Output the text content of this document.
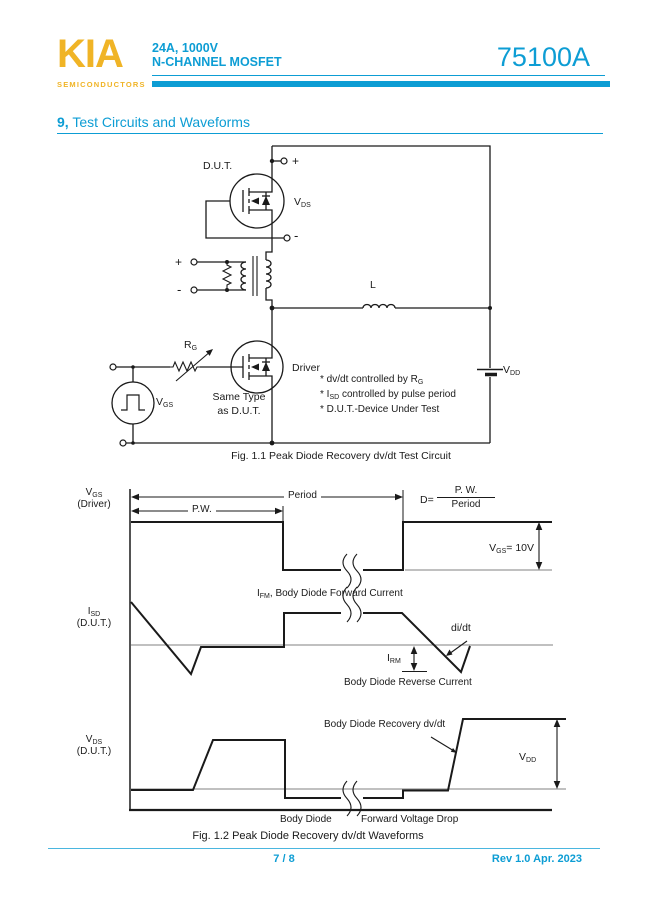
KIA
SEMICONDUCTORS
24A, 1000V
N-CHANNEL MOSFET	75100A
9, Test Circuits and Waveforms
D.U.T.	+
$V_{DS}$
-
+
-	L
$R_G$
Driver
Same Type
as D.U.T.
* dv/dt controlled by $R_G$
* $I_{SD}$ controlled by pulse period
* D.U.T.-Device Under Test
$V_{GS}$
$V_{DD}$
Fig. 1.1 Peak Diode Recovery dv/dt Test Circuit
$V_{GS}$
(Driver)	P.W.
Period	D=
P. W.
Period
$V_{GS}= 10V$
$I_{FM}$, Body Diode Forward Current
$I_{SD}$
(D.U.T.)	di/dt
$I_{RM}$
Body Diode Reverse Current
$V_{DS}$
(D.U.T.)
Body Diode Recovery dv/dt
$V_{DD}$
Body Diode	Forward Voltage Drop
Fig. 1.2 Peak Diode Recovery dv/dt Waveforms
7 / 8	Rev 1.0 Apr. 2023
